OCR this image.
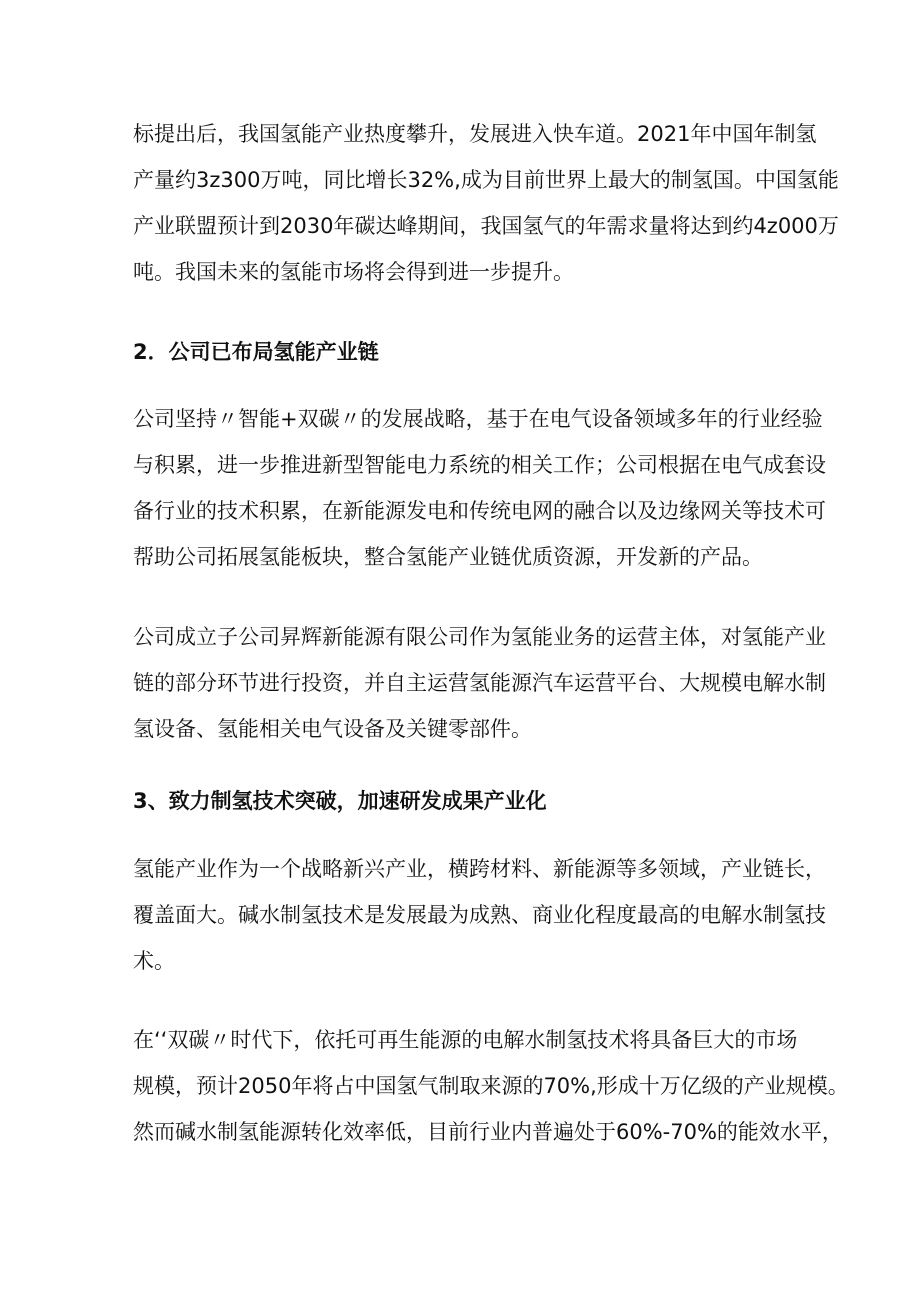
标提出后，我国氢能产业热度攀升，发展进入快车道。2021年中国年制氢
产量约3z300万吨，同比增长32%,成为目前世界上最大的制氢国。中国氢能
产业联盟预计到2030年碳达峰期间，我国氢气的年需求量将达到约4z000万
吨。我国未来的氢能市场将会得到进一步提升。
2．公司已布局氢能产业链
公司坚持〃智能+双碳〃的发展战略，基于在电气设备领域多年的行业经验
与积累，进一步推进新型智能电力系统的相关工作；公司根据在电气成套设
备行业的技术积累，在新能源发电和传统电网的融合以及边缘网关等技术可
帮助公司拓展氢能板块，整合氢能产业链优质资源，开发新的产品。
公司成立子公司昇辉新能源有限公司作为氢能业务的运营主体，对氢能产业
链的部分环节进行投资，并自主运营氢能源汽车运营平台、大规模电解水制
氢设备、氢能相关电气设备及关键零部件。
3、致力制氢技术突破，加速研发成果产业化
氢能产业作为一个战略新兴产业，横跨材料、新能源等多领域，产业链长，
覆盖面大。碱水制氢技术是发展最为成熟、商业化程度最高的电解水制氢技
术。
在‘‘双碳〃时代下，依托可再生能源的电解水制氢技术将具备巨大的市场
规模，预计2050年将占中国氢气制取来源的70%,形成十万亿级的产业规模。
然而碱水制氢能源转化效率低，目前行业内普遍处于60%-70%的能效水平，
